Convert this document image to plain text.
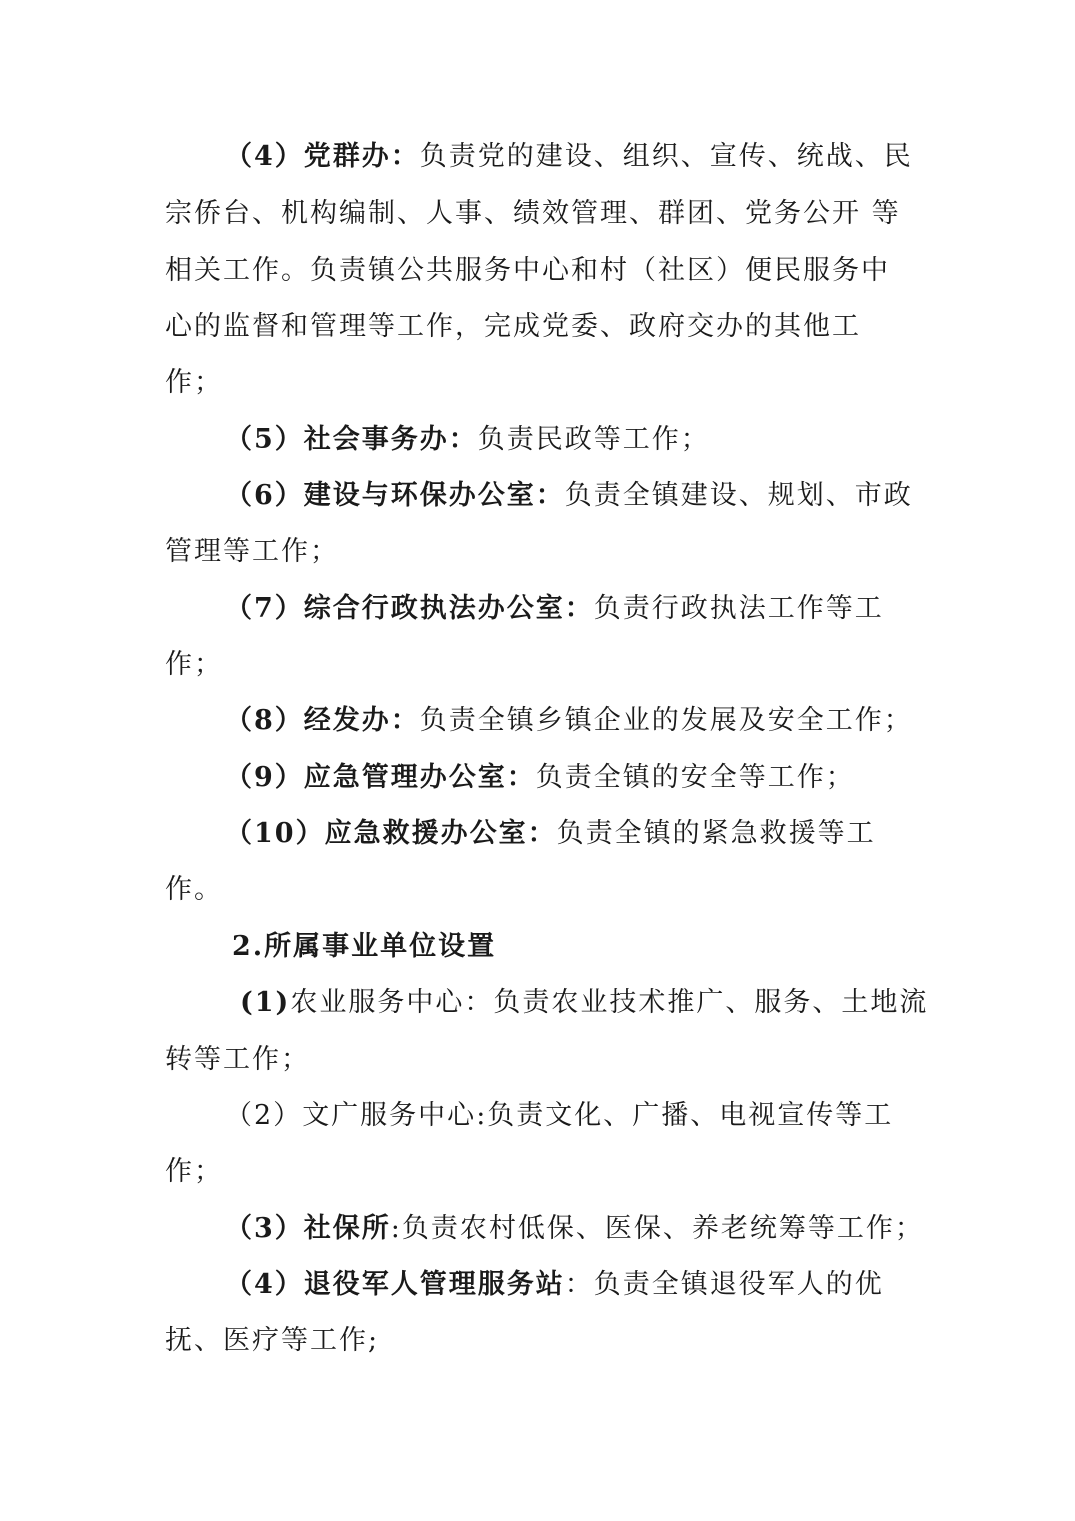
（4）党群办：负责党的建设、组织、宣传、统战、民
宗侨台、机构编制、人事、绩效管理、群团、党务公开 等
相关工作。负责镇公共服务中心和村（社区）便民服务中
心的监督和管理等工作，完成党委、政府交办的其他工
作；
（5）社会事务办：负责民政等工作；
（6）建设与环保办公室：负责全镇建设、规划、市政
管理等工作；
（7）综合行政执法办公室：负责行政执法工作等工
作；
（8）经发办：负责全镇乡镇企业的发展及安全工作；
（9）应急管理办公室：负责全镇的安全等工作；
（10）应急救援办公室：负责全镇的紧急救援等工
作。
2.所属事业单位设置
(1)农业服务中心：负责农业技术推广、服务、土地流
转等工作；
（2）文广服务中心:负责文化、广播、电视宣传等工
作；
（3）社保所:负责农村低保、医保、养老统筹等工作；
（4）退役军人管理服务站：负责全镇退役军人的优
抚、医疗等工作;
